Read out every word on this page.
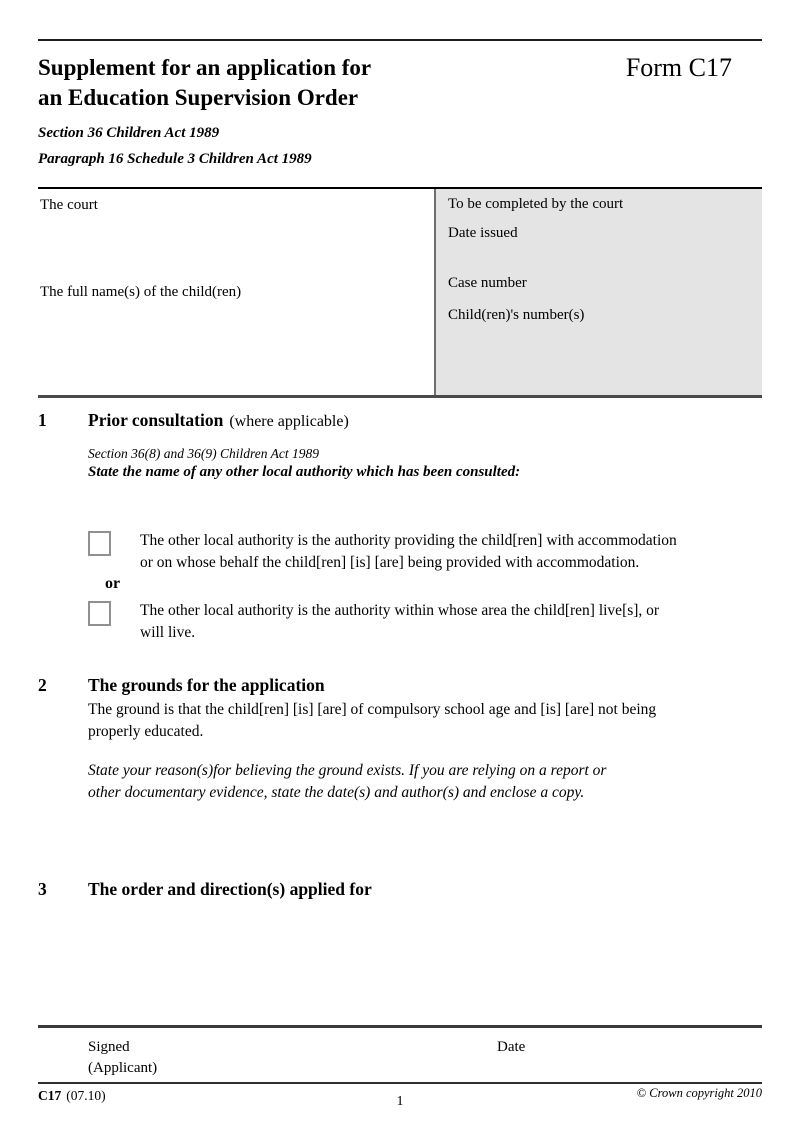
Supplement for an application for
an Education Supervision Order
Form C17
Section 36 Children Act 1989
Paragraph 16 Schedule 3 Children Act 1989
The court
The full name(s) of the child(ren)
To be completed by the court
Date issued
Case number
Child(ren)'s number(s)
1	Prior consultation (where applicable)
Section 36(8) and 36(9) Children Act 1989
State the name of any other local authority which has been consulted:
The other local authority is the authority providing the child[ren] with accommodation
or on whose behalf the child[ren] [is] [are] being provided with accommodation.
or
The other local authority is the authority within whose area the child[ren] live[s], or
will live.
2	The grounds for the application
The ground is that the child[ren] [is] [are] of compulsory school age and [is] [are] not being
properly educated.
State your reason(s)for believing the ground exists. If you are relying on a report or
other documentary evidence, state the date(s) and author(s) and enclose a copy.
3	The order and direction(s) applied for
Signed
(Applicant)
Date
C17 (07.10)	1
© Crown copyright 2010
